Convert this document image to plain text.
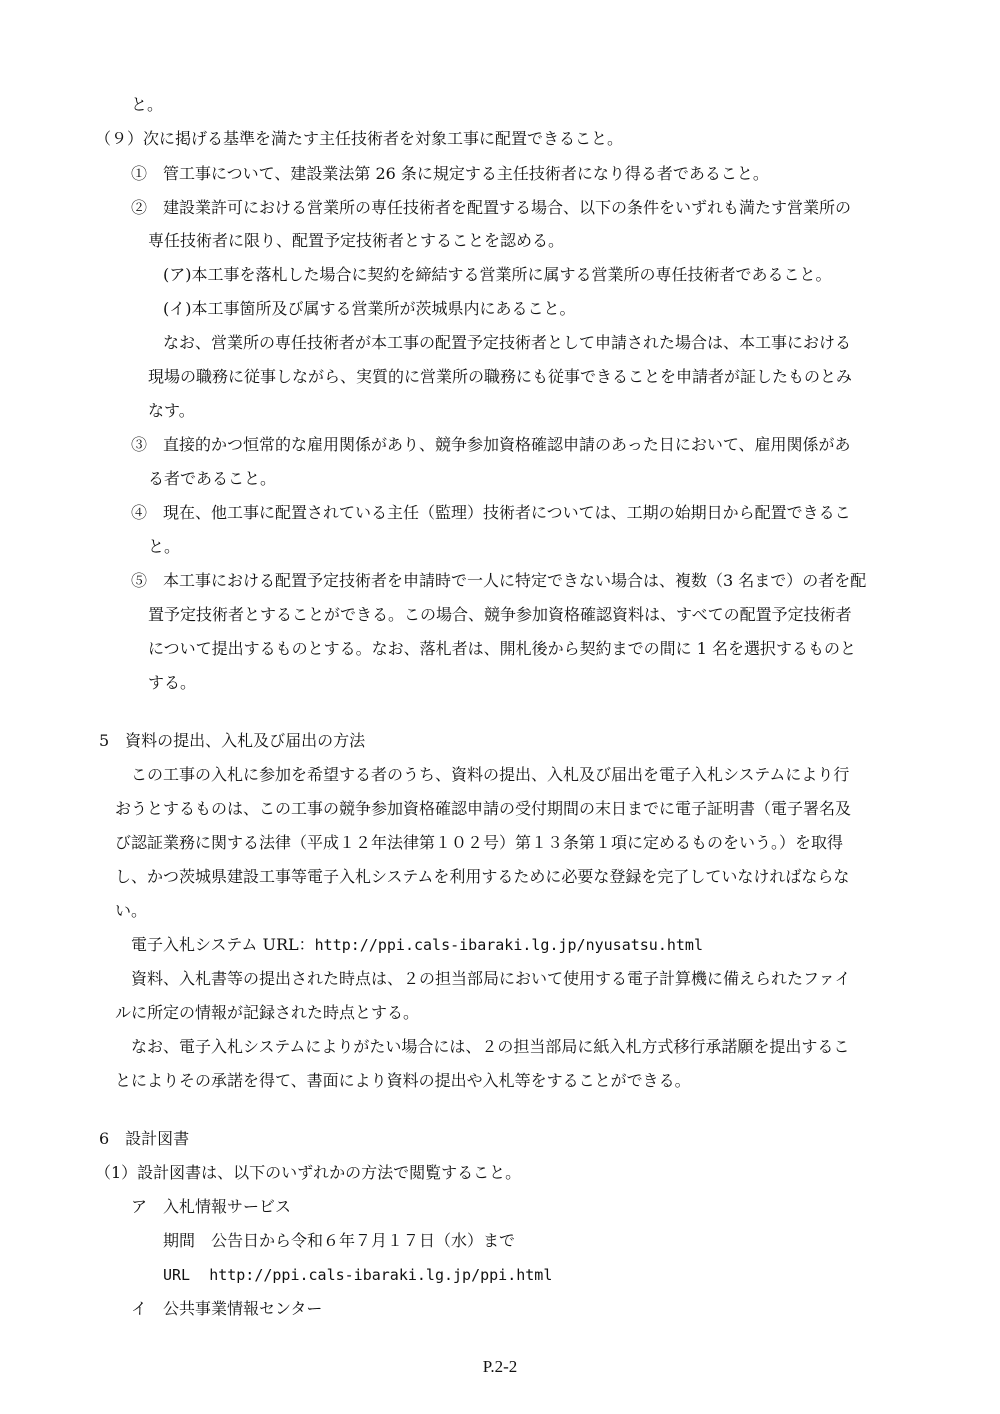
と。

（９）次に掲げる基準を満たす主任技術者を対象工事に配置できること。

①　管工事について、建設業法第 26 条に規定する主任技術者になり得る者であること。

②　建設業許可における営業所の専任技術者を配置する場合、以下の条件をいずれも満たす営業所の

専任技術者に限り、配置予定技術者とすることを認める。

(ア)本工事を落札した場合に契約を締結する営業所に属する営業所の専任技術者であること。

(イ)本工事箇所及び属する営業所が茨城県内にあること。

なお、営業所の専任技術者が本工事の配置予定技術者として申請された場合は、本工事における

現場の職務に従事しながら、実質的に営業所の職務にも従事できることを申請者が証したものとみ

なす。

③　直接的かつ恒常的な雇用関係があり、競争参加資格確認申請のあった日において、雇用関係があ

る者であること。

④　現在、他工事に配置されている主任（監理）技術者については、工期の始期日から配置できるこ

と。

⑤　本工事における配置予定技術者を申請時で一人に特定できない場合は、複数（3 名まで）の者を配

置予定技術者とすることができる。この場合、競争参加資格確認資料は、すべての配置予定技術者

について提出するものとする。なお、落札者は、開札後から契約までの間に 1 名を選択するものと

する。

5　資料の提出、入札及び届出の方法

この工事の入札に参加を希望する者のうち、資料の提出、入札及び届出を電子入札システムにより行

おうとするものは、この工事の競争参加資格確認申請の受付期間の末日までに電子証明書（電子署名及

び認証業務に関する法律（平成１２年法律第１０２号）第１３条第１項に定めるものをいう。）を取得

し、かつ茨城県建設工事等電子入札システムを利用するために必要な登録を完了していなければならな

い。

電子入札システム URL：http://ppi.cals-ibaraki.lg.jp/nyusatsu.html

資料、入札書等の提出された時点は、２の担当部局において使用する電子計算機に備えられたファイ

ルに所定の情報が記録された時点とする。

なお、電子入札システムによりがたい場合には、２の担当部局に紙入札方式移行承諾願を提出するこ

とによりその承諾を得て、書面により資料の提出や入札等をすることができる。

6　設計図書

（1）設計図書は、以下のいずれかの方法で閲覧すること。

ア　入札情報サービス

期間　公告日から令和６年７月１７日（水）まで

URL http://ppi.cals-ibaraki.lg.jp/ppi.html

イ　公共事業情報センター

P.2-2
